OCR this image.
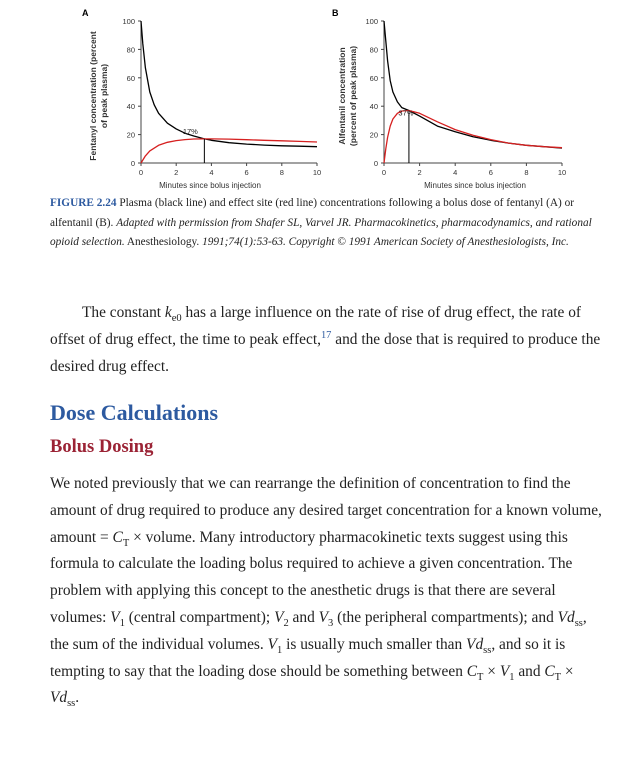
A
Fentanyl concentration (percent of peak plasma)
Minutes since bolus injection
0
20
40
60
80
100
0	2	4	6	8	10
17%
B
Alfentanil concentration (percent of peak plasma)
Minutes since bolus injection
0
20
40
60
80
100
0	2	4	6	8	10
37%
FIGURE 2.24 Plasma (black line) and effect site (red line) concentrations following a bolus dose of fentanyl (A) or alfentanil (B). Adapted with permission from Shafer SL, Varvel JR. Pharmacokinetics, pharmacodynamics, and rational opioid selection. Anesthesiology. 1991;74(1):53-63. Copyright © 1991 American Society of Anesthesiologists, Inc.

The constant $k_{e0}$ has a large influence on the rate of rise of drug effect, the rate of offset of drug effect, the time to peak effect,$^{17}$ and the dose that is required to produce the desired drug effect.

Dose Calculations
Bolus Dosing

We noted previously that we can rearrange the definition of concentration to find the amount of drug required to produce any desired target concentration for a known volume, amount = $C_T$ × volume. Many introductory pharmacokinetic texts suggest using this formula to calculate the loading bolus required to achieve a given concentration. The problem with applying this concept to the anesthetic drugs is that there are several volumes: $V_1$ (central compartment); $V_2$ and $V_3$ (the peripheral compartments); and $Vd_{ss}$, the sum of the individual volumes. $V_1$ is usually much smaller than $Vd_{ss}$, and so it is tempting to say that the loading dose should be something between $C_T \times V_1$ and $C_T \times Vd_{ss}$.
